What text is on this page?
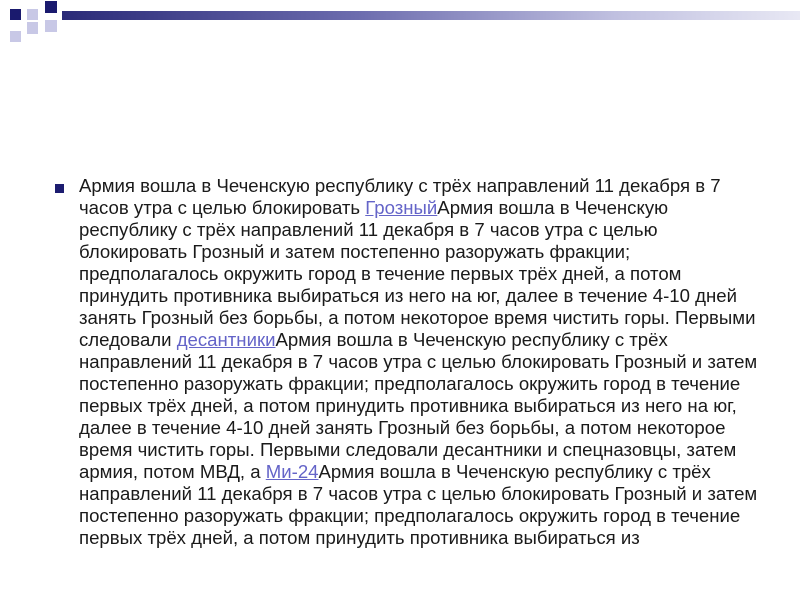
Армия вошла в Чеченскую республику с трёх направлений 11 декабря в 7 часов утра с целью блокировать ГрозныйАрмия вошла в Чеченскую республику с трёх направлений 11 декабря в 7 часов утра с целью блокировать Грозный и затем постепенно разоружать фракции; предполагалось окружить город в течение первых трёх дней, а потом принудить противника выбираться из него на юг, далее в течение 4-10 дней занять Грозный без борьбы, а потом некоторое время чистить горы. Первыми следовали десантникиАрмия вошла в Чеченскую республику с трёх направлений 11 декабря в 7 часов утра с целью блокировать Грозный и затем постепенно разоружать фракции; предполагалось окружить город в течение первых трёх дней, а потом принудить противника выбираться из него на юг, далее в течение 4-10 дней занять Грозный без борьбы, а потом некоторое время чистить горы. Первыми следовали десантники и спецназовцы, затем армия, потом МВД, а Ми-24Армия вошла в Чеченскую республику с трёх направлений 11 декабря в 7 часов утра с целью блокировать Грозный и затем постепенно разоружать фракции; предполагалось окружить город в течение первых трёх дней, а потом принудить противника выбираться из
